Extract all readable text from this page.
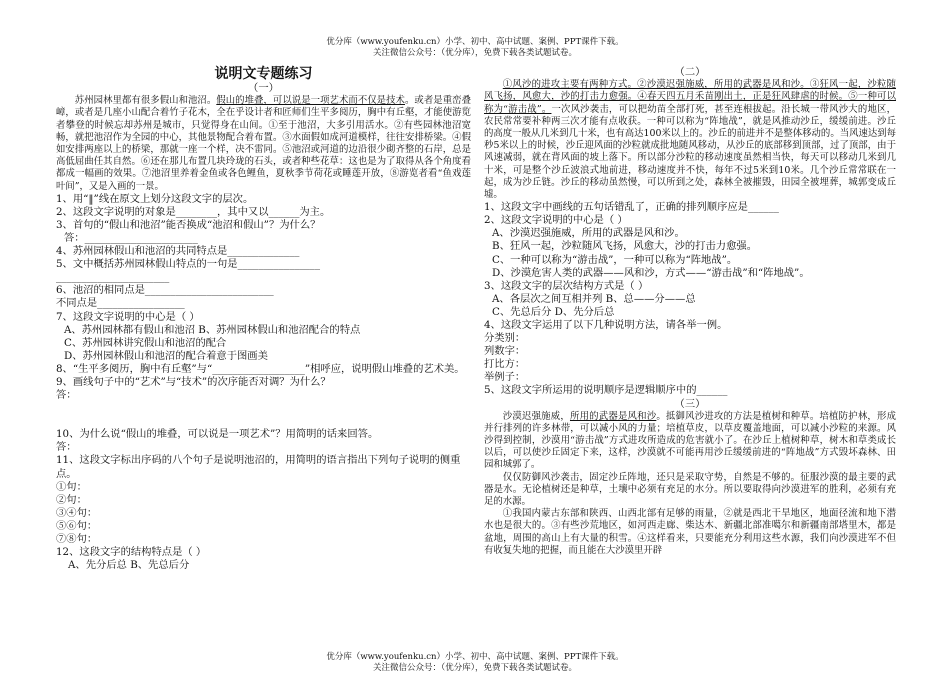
优分库（www.youfenku.cn）小学、初中、高中试题、案例、PPT课件下载。
关注微信公众号：（优分库），免费下载各类试题试卷。
说明文专题练习
（一）

苏州园林里都有很多假山和池沼。假山的堆叠，可以说是一项艺术而不仅是技术。或者是重峦叠嶂，或者是几座小山配合着竹子花木，全在乎设计者和匠师们生平多阅历，胸中有丘壑，才能使游览者攀登的时候忘却苏州是城市，只觉得身在山间。①至于池沼，大多引用活水。②有些园林池沼宽畅，就把池沼作为全园的中心，其他景物配合着布置。③水面假如成河道模样，往往安排桥梁。④假如安排两座以上的桥梁，那就一座一个样，决不雷同。⑤池沼或河道的边沿很少砌齐整的石岸，总是高低屈曲任其自然。⑥还在那儿布置几块玲珑的石头，或者种些花草：这也是为了取得从各个角度看都成一幅画的效果。⑦池沼里养着金鱼或各色鲤鱼，夏秋季节荷花或睡莲开放，⑧游览者看“鱼戏莲叶间”，又是入画的一景。

1、用“‖”线在原文上划分这段文字的层次。

2、这段文字说明的对象是________，其中又以______为主。

3、首句的“假山和池沼”能否换成“池沼和假山”？为什么？

答：______________________

4、苏州园林假山和池沼的共同特点是______________

5、文中概括苏州园林假山特点的一句是________________

______________________

6、池沼的相同点是_________________________

不同点是_________________

7、这段文字说明的中心是（ ）

A、苏州园林都有假山和池沼 B、苏州园林假山和池沼配合的特点

C、苏州园林讲究假山和池沼的配合

D、苏州园林假山和池沼的配合着意于图画美

8、“生平多阅历，胸中有丘壑”与“__________________”相呼应，说明假山堆叠的艺术美。

9、画线句子中的“艺术”与“技术”的次序能否对调？为什么？

答：

10、为什么说“假山的堆叠，可以说是一项艺术”？用简明的话来回答。

答：

11、这段文字标出序码的八个句子是说明池沼的，用简明的语言指出下列句子说明的侧重点。

①句：

②句：

③④句：

⑤⑥句：

⑦⑧句：

12、这段文字的结构特点是（ ）

A、先分后总 B、先总后分

（二）

①风沙的进攻主要有两种方式。②沙漠迟强施威，所用的武器是风和沙。③狂风一起，沙粒随风飞扬，风愈大，沙的打击力愈强。④春天四五月禾苗刚出土，正是狂风肆虐的时候。⑤一种可以称为“游击战”。一次风沙袭击，可以把幼苗全部打死，甚至连根拔起。沿长城一带风沙大的地区，农民常常要补种两三次才能有点收获。一种可以称为“阵地战”，就是风推动沙丘，缓缓前进。沙丘的高度一般从几米到几十米，也有高达100米以上的。沙丘的前进并不是整体移动的。当风速达到每秒5米以上的时候，沙丘迎风面的沙粒就成批地随风移动，从沙丘的底部移到顶部，过了顶部，由于风速减弱，就在背风面的坡上落下。所以部分沙粒的移动速度虽然相当快，每天可以移动几米到几十米，可是整个沙丘波浪式地前进，移动速度并不快，每年不过5米到10米。几个沙丘常常联在一起，成为沙丘链。沙丘的移动虽然慢，可以所到之处，森林全被摧毁，田园全被埋葬，城郭变成丘墟。

1、这段文字中画线的五句话错乱了，正确的排列顺序应是______

2、这段文字说明的中心是（ ）

A、沙漠迟强施威，所用的武器是风和沙。

B、狂风一起，沙粒随风飞扬，风愈大，沙的打击力愈强。

C、一种可以称为“游击战”，一种可以称为“阵地战”。

D、沙漠危害人类的武器——风和沙，方式——“游击战”和“阵地战”。

3、这段文字的层次结构方式是（ ）

A、各层次之间互相并列 B、总——分——总

C、先总后分 D、先分后总

4、这段文字运用了以下几种说明方法，请各举一例。

分类别：

列数字：

打比方：

举例子：

5、这段文字所运用的说明顺序是逻辑顺序中的______

（三）

沙漠迟强施威，所用的武器是风和沙。抵御风沙进攻的方法是植树和种草。培植防护林，形成并行排列的许多林带，可以减小风的力量；培植草皮，以草皮覆盖地面，可以减小沙粒的来源。风沙得到控制，沙漠用“游击战”方式进攻所造成的危害就小了。在沙丘上植树种草，树木和草类成长以后，可以使沙丘固定下来，这样，沙漠就不可能再用沙丘缓缓前进的“阵地战”方式毁坏森林、田园和城郭了。

仅仅防御风沙袭击，固定沙丘阵地，还只是采取守势，自然是不够的。征服沙漠的最主要的武器是水。无论植树还是种草，土壤中必须有充足的水分。所以要取得向沙漠进军的胜利，必须有充足的水源。

①我国内蒙古东部和陕西、山西北部有足够的雨量，②就是西北干旱地区，地面径流和地下潜水也是很大的。③有些沙荒地区，如河西走廊、柴达木、新疆北部准噶尔和新疆南部塔里木，都是盆地，周围的高山上有大量的积雪。④这样看来，只要能充分利用这些水源，我们向沙漠进军不但有收复失地的把握，而且能在大沙漠里开辟

优分库（www.youfenku.cn）小学、初中、高中试题、案例、PPT课件下载。
关注微信公众号：（优分库），免费下载各类试题试卷。
